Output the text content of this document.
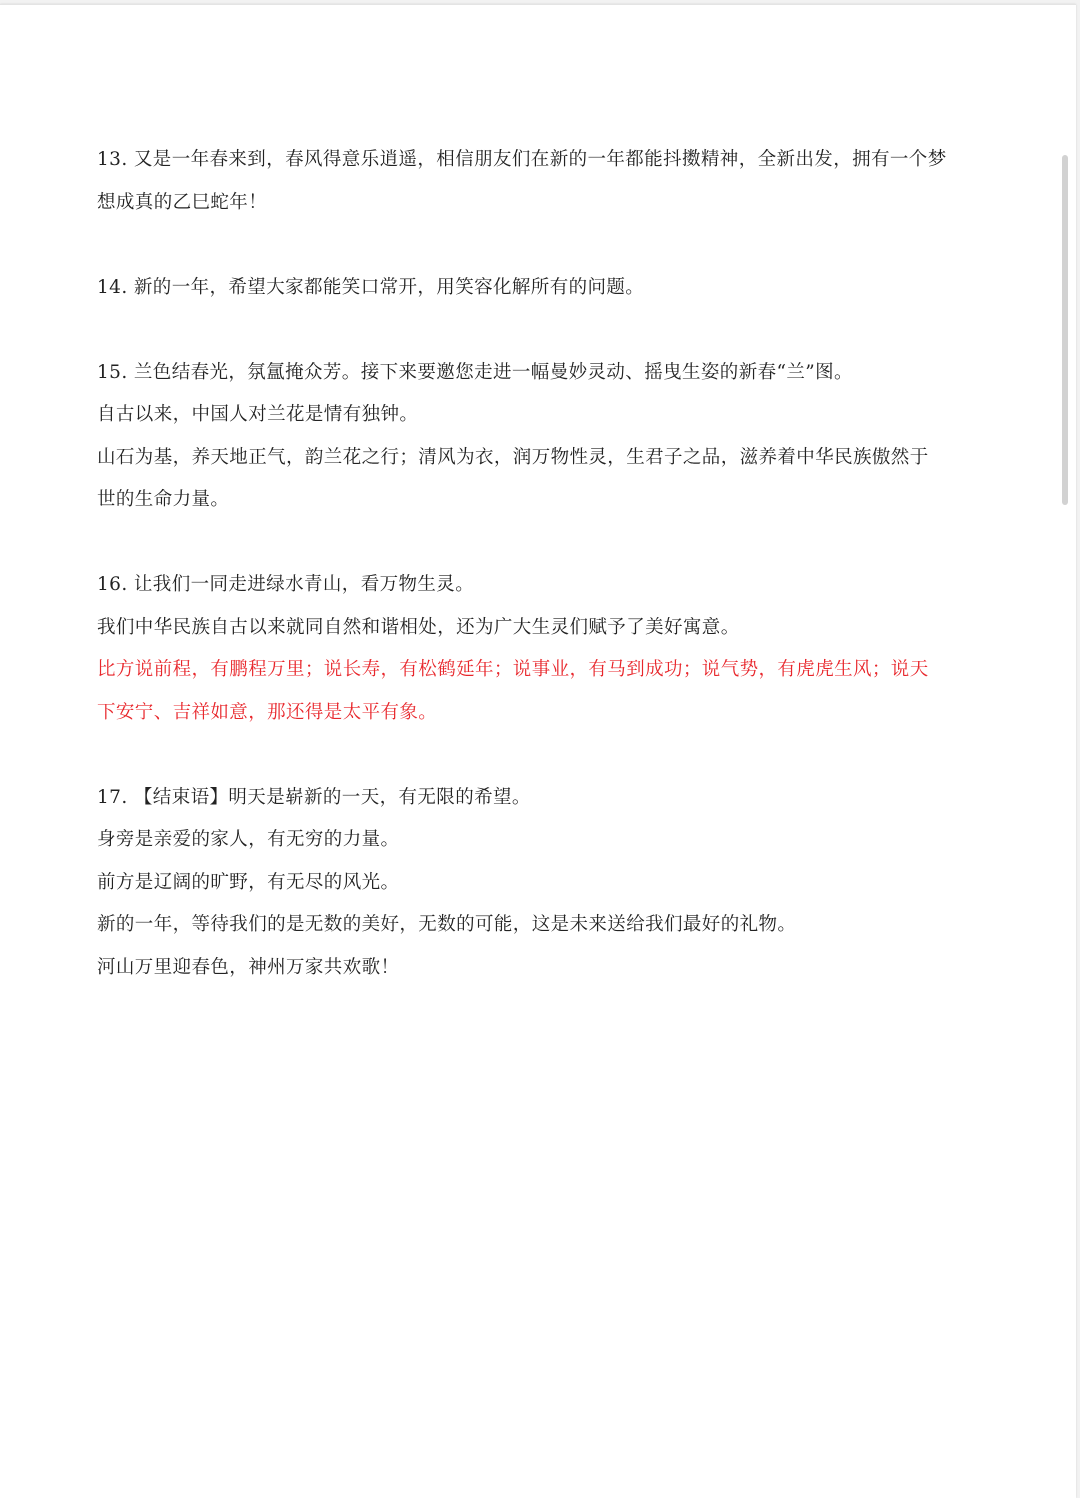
13. 又是一年春来到，春风得意乐逍遥，相信朋友们在新的一年都能抖擞精神，全新出发，拥有一个梦

想成真的乙巳蛇年！

14. 新的一年，希望大家都能笑口常开，用笑容化解所有的问题。

15. 兰色结春光，氛氲掩众芳。接下来要邀您走进一幅曼妙灵动、摇曳生姿的新春“兰”图。

自古以来，中国人对兰花是情有独钟。

山石为基，养天地正气，韵兰花之行；清风为衣，润万物性灵，生君子之品，滋养着中华民族傲然于

世的生命力量。

16. 让我们一同走进绿水青山，看万物生灵。

我们中华民族自古以来就同自然和谐相处，还为广大生灵们赋予了美好寓意。

比方说前程，有鹏程万里；说长寿，有松鹤延年；说事业，有马到成功；说气势，有虎虎生风；说天

下安宁、吉祥如意，那还得是太平有象。

17. 【结束语】明天是崭新的一天，有无限的希望。

身旁是亲爱的家人，有无穷的力量。

前方是辽阔的旷野，有无尽的风光。

新的一年，等待我们的是无数的美好，无数的可能，这是未来送给我们最好的礼物。

河山万里迎春色，神州万家共欢歌！
